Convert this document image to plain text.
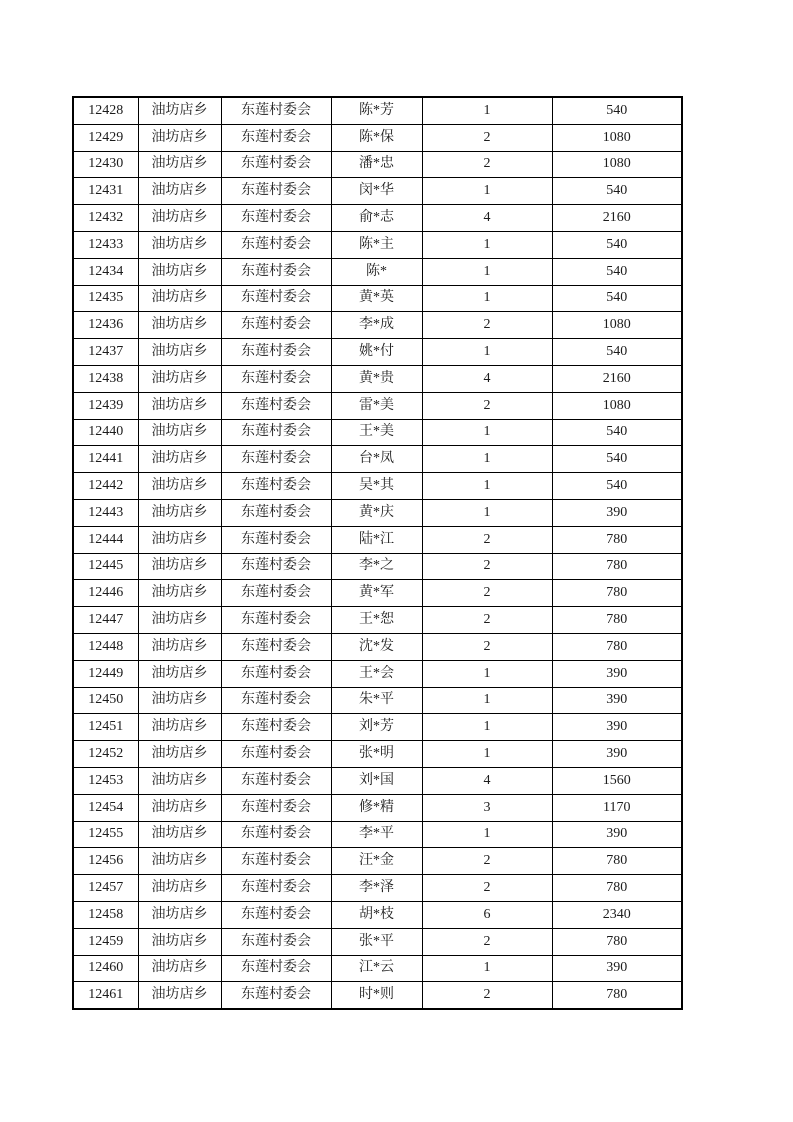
12428	油坊店乡	东莲村委会	陈*芳	1	540
12429	油坊店乡	东莲村委会	陈*保	2	1080
12430	油坊店乡	东莲村委会	潘*忠	2	1080
12431	油坊店乡	东莲村委会	闵*华	1	540
12432	油坊店乡	东莲村委会	俞*志	4	2160
12433	油坊店乡	东莲村委会	陈*主	1	540
12434	油坊店乡	东莲村委会	陈*	1	540
12435	油坊店乡	东莲村委会	黄*英	1	540
12436	油坊店乡	东莲村委会	李*成	2	1080
12437	油坊店乡	东莲村委会	姚*付	1	540
12438	油坊店乡	东莲村委会	黄*贵	4	2160
12439	油坊店乡	东莲村委会	雷*美	2	1080
12440	油坊店乡	东莲村委会	王*美	1	540
12441	油坊店乡	东莲村委会	台*凤	1	540
12442	油坊店乡	东莲村委会	吴*其	1	540
12443	油坊店乡	东莲村委会	黄*庆	1	390
12444	油坊店乡	东莲村委会	陆*江	2	780
12445	油坊店乡	东莲村委会	李*之	2	780
12446	油坊店乡	东莲村委会	黄*军	2	780
12447	油坊店乡	东莲村委会	王*恕	2	780
12448	油坊店乡	东莲村委会	沈*发	2	780
12449	油坊店乡	东莲村委会	王*会	1	390
12450	油坊店乡	东莲村委会	朱*平	1	390
12451	油坊店乡	东莲村委会	刘*芳	1	390
12452	油坊店乡	东莲村委会	张*明	1	390
12453	油坊店乡	东莲村委会	刘*国	4	1560
12454	油坊店乡	东莲村委会	修*精	3	1170
12455	油坊店乡	东莲村委会	李*平	1	390
12456	油坊店乡	东莲村委会	汪*金	2	780
12457	油坊店乡	东莲村委会	李*泽	2	780
12458	油坊店乡	东莲村委会	胡*枝	6	2340
12459	油坊店乡	东莲村委会	张*平	2	780
12460	油坊店乡	东莲村委会	江*云	1	390
12461	油坊店乡	东莲村委会	时*则	2	780
